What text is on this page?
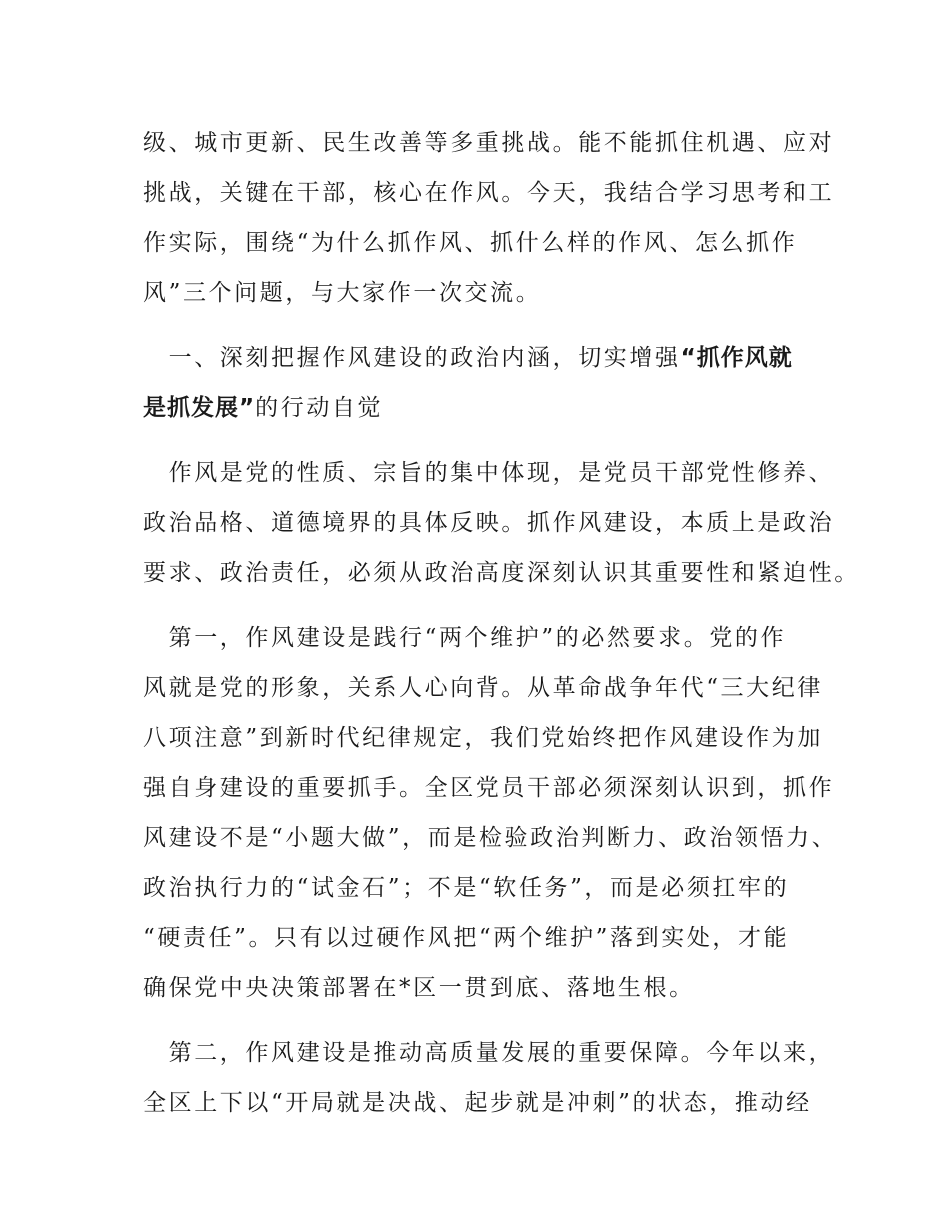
级、城市更新、民生改善等多重挑战。能不能抓住机遇、应对
挑战，关键在干部，核心在作风。今天，我结合学习思考和工
作实际，围绕“为什么抓作风、抓什么样的作风、怎么抓作
风”三个问题，与大家作一次交流。
　一、深刻把握作风建设的政治内涵，切实增强“抓作风就
是抓发展”的行动自觉
　作风是党的性质、宗旨的集中体现，是党员干部党性修养、
政治品格、道德境界的具体反映。抓作风建设，本质上是政治
要求、政治责任，必须从政治高度深刻认识其重要性和紧迫性。
　第一，作风建设是践行“两个维护”的必然要求。党的作
风就是党的形象，关系人心向背。从革命战争年代“三大纪律
八项注意”到新时代纪律规定，我们党始终把作风建设作为加
强自身建设的重要抓手。全区党员干部必须深刻认识到，抓作
风建设不是“小题大做”，而是检验政治判断力、政治领悟力、
政治执行力的“试金石”；不是“软任务”，而是必须扛牢的
“硬责任”。只有以过硬作风把“两个维护”落到实处，才能
确保党中央决策部署在*区一贯到底、落地生根。
　第二，作风建设是推动高质量发展的重要保障。今年以来，
全区上下以“开局就是决战、起步就是冲刺”的状态，推动经
